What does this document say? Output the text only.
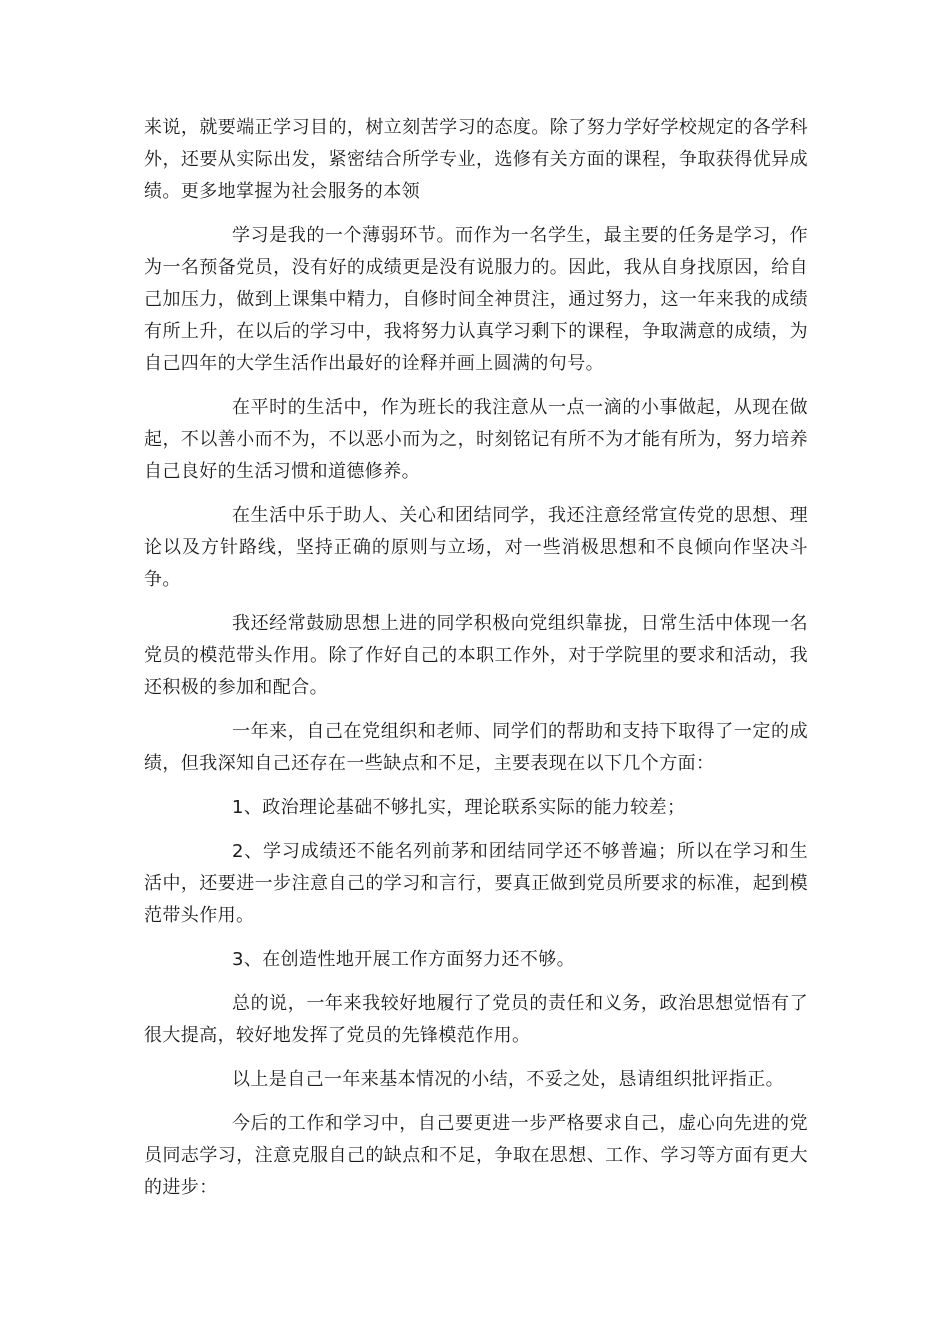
来说，就要端正学习目的，树立刻苦学习的态度。除了努力学好学校规定的各学科外，还要从实际出发，紧密结合所学专业，选修有关方面的课程，争取获得优异成绩。更多地掌握为社会服务的本领

学习是我的一个薄弱环节。而作为一名学生，最主要的任务是学习，作为一名预备党员，没有好的成绩更是没有说服力的。因此，我从自身找原因，给自己加压力，做到上课集中精力，自修时间全神贯注，通过努力，这一年来我的成绩有所上升，在以后的学习中，我将努力认真学习剩下的课程，争取满意的成绩，为自己四年的大学生活作出最好的诠释并画上圆满的句号。

在平时的生活中，作为班长的我注意从一点一滴的小事做起，从现在做起，不以善小而不为，不以恶小而为之，时刻铭记有所不为才能有所为，努力培养自己良好的生活习惯和道德修养。

在生活中乐于助人、关心和团结同学，我还注意经常宣传党的思想、理论以及方针路线，坚持正确的原则与立场，对一些消极思想和不良倾向作坚决斗争。

我还经常鼓励思想上进的同学积极向党组织靠拢，日常生活中体现一名党员的模范带头作用。除了作好自己的本职工作外，对于学院里的要求和活动，我还积极的参加和配合。

一年来，自己在党组织和老师、同学们的帮助和支持下取得了一定的成绩，但我深知自己还存在一些缺点和不足，主要表现在以下几个方面：

1、政治理论基础不够扎实，理论联系实际的能力较差；

2、学习成绩还不能名列前茅和团结同学还不够普遍；所以在学习和生活中，还要进一步注意自己的学习和言行，要真正做到党员所要求的标准，起到模范带头作用。

3、在创造性地开展工作方面努力还不够。

总的说，一年来我较好地履行了党员的责任和义务，政治思想觉悟有了很大提高，较好地发挥了党员的先锋模范作用。

以上是自己一年来基本情况的小结，不妥之处，恳请组织批评指正。

今后的工作和学习中，自己要更进一步严格要求自己，虚心向先进的党员同志学习，注意克服自己的缺点和不足，争取在思想、工作、学习等方面有更大的进步：
